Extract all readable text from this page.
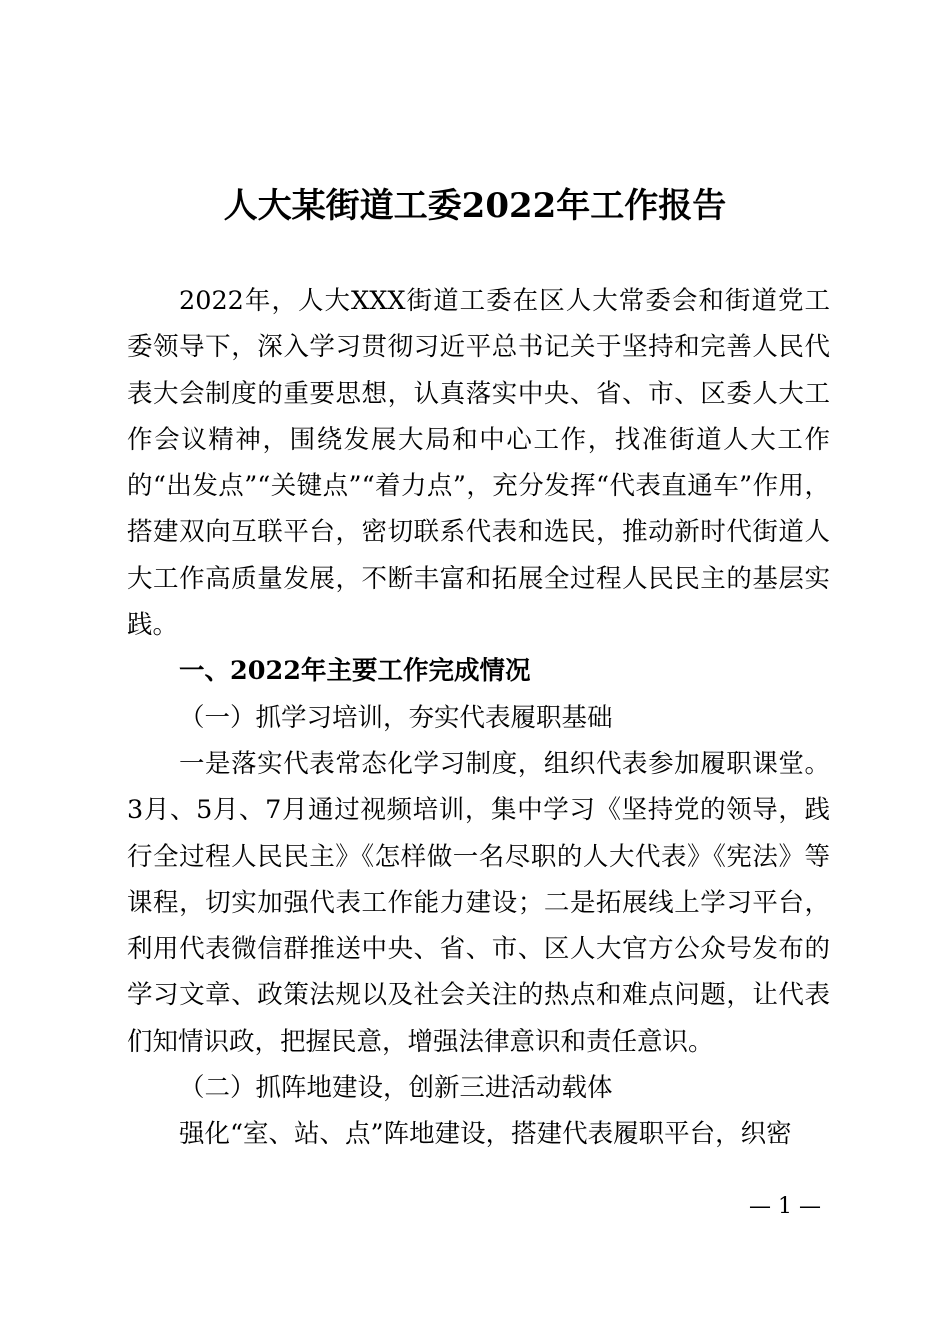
人大某街道工委2022年工作报告

2022年，人大XXX街道工委在区人大常委会和街道党工委领导下，深入学习贯彻习近平总书记关于坚持和完善人民代表大会制度的重要思想，认真落实中央、省、市、区委人大工作会议精神，围绕发展大局和中心工作，找准街道人大工作的“出发点”“关键点”“着力点”，充分发挥“代表直通车”作用，搭建双向互联平台，密切联系代表和选民，推动新时代街道人大工作高质量发展，不断丰富和拓展全过程人民民主的基层实践。

一、2022年主要工作完成情况

（一）抓学习培训，夯实代表履职基础

一是落实代表常态化学习制度，组织代表参加履职课堂。3月、5月、7月通过视频培训，集中学习《坚持党的领导，践行全过程人民民主》《怎样做一名尽职的人大代表》《宪法》等课程，切实加强代表工作能力建设；二是拓展线上学习平台，利用代表微信群推送中央、省、市、区人大官方公众号发布的学习文章、政策法规以及社会关注的热点和难点问题，让代表们知情识政，把握民意，增强法律意识和责任意识。

（二）抓阵地建设，创新三进活动载体

强化“室、站、点”阵地建设，搭建代表履职平台，织密

— 1 —
